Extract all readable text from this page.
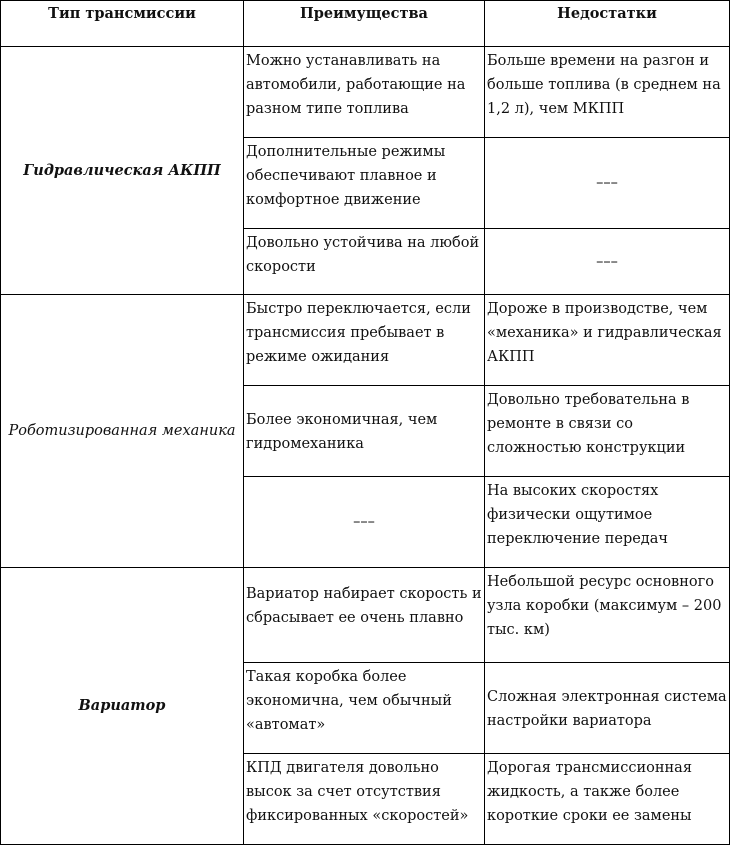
Тип трансмиссии	Преимущества	Недостатки
Гидравлическая АКПП	Можно устанавливать на автомобили, работающие на разном типе топлива	Больше времени на разгон и больше топлива (в среднем на 1,2 л), чем МКПП
	Дополнительные режимы обеспечивают плавное и комфортное движение	–––
	Довольно устойчива на любой скорости	–––
Роботизированная механика	Быстро переключается, если трансмиссия пребывает в режиме ожидания	Дороже в производстве, чем «механика» и гидравлическая АКПП
	Более экономичная, чем гидромеханика	Довольно требовательна в ремонте в связи со сложностью конструкции
	–––	На высоких скоростях физически ощутимое переключение передач
Вариатор	Вариатор набирает скорость и сбрасывает ее очень плавно	Небольшой ресурс основного узла коробки (максимум – 200 тыс. км)
	Такая коробка более экономична, чем обычный «автомат»	Сложная электронная система настройки вариатора
	КПД двигателя довольно высок за счет отсутствия фиксированных «скоростей»	Дорогая трансмиссионная жидкость, а также более короткие сроки ее замены
